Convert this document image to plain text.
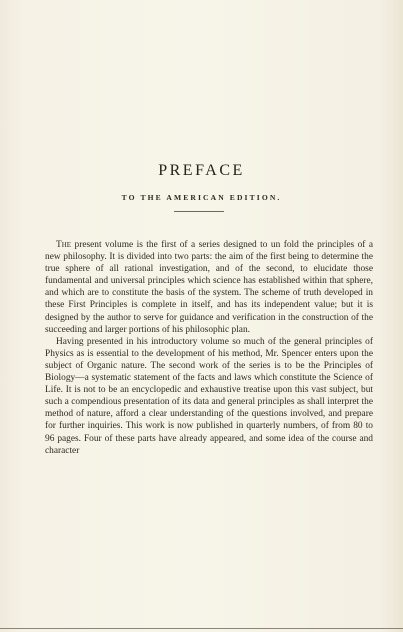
PREFACE
TO THE AMERICAN EDITION.

The present volume is the first of a series designed to un fold the principles of a new philosophy. It is divided into two parts: the aim of the first being to determine the true sphere of all rational investigation, and of the second, to elucidate those fundamental and universal principles which science has established within that sphere, and which are to constitute the basis of the system. The scheme of truth developed in these First Principles is complete in itself, and has its independent value; but it is designed by the author to serve for guidance and verification in the construction of the succeeding and larger portions of his philosophic plan.

Having presented in his introductory volume so much of the general principles of Physics as is essential to the development of his method, Mr. Spencer enters upon the subject of Organic nature. The second work of the series is to be the Principles of Biology—a systematic statement of the facts and laws which constitute the Science of Life. It is not to be an encyclopedic and exhaustive treatise upon this vast subject, but such a compendious presentation of its data and general principles as shall interpret the method of nature, afford a clear understanding of the questions involved, and prepare for further inquiries. This work is now published in quarterly numbers, of from 80 to 96 pages. Four of these parts have already appeared, and some idea of the course and character
